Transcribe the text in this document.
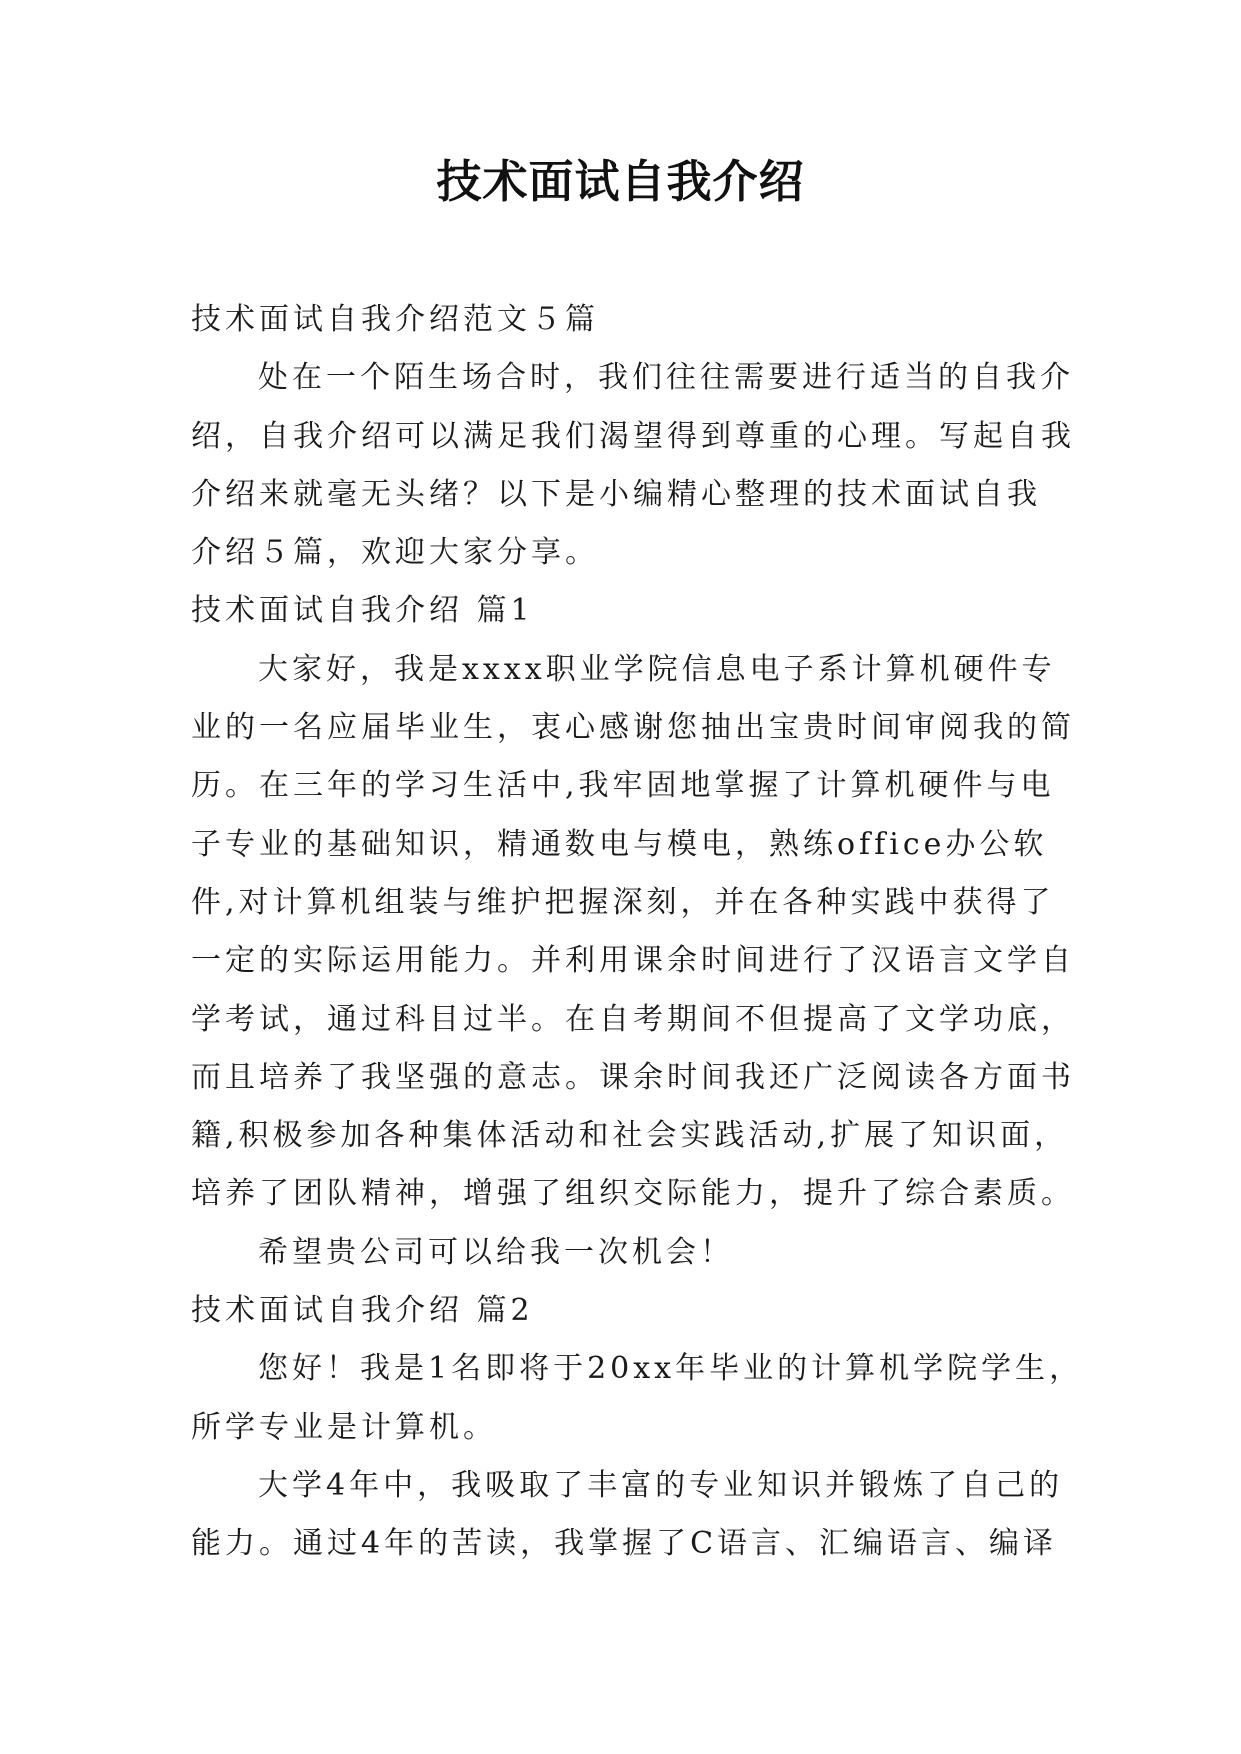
技术面试自我介绍
技术面试自我介绍范文５篇
处在一个陌生场合时，我们往往需要进行适当的自我介
绍，自我介绍可以满足我们渴望得到尊重的心理。写起自我
介绍来就毫无头绪？以下是小编精心整理的技术面试自我
介绍５篇，欢迎大家分享。
技术面试自我介绍 篇1
大家好，我是xxxx职业学院信息电子系计算机硬件专
业的一名应届毕业生，衷心感谢您抽出宝贵时间审阅我的简
历。在三年的学习生活中,我牢固地掌握了计算机硬件与电
子专业的基础知识，精通数电与模电，熟练office办公软
件,对计算机组装与维护把握深刻，并在各种实践中获得了
一定的实际运用能力。并利用课余时间进行了汉语言文学自
学考试，通过科目过半。在自考期间不但提高了文学功底，
而且培养了我坚强的意志。课余时间我还广泛阅读各方面书
籍,积极参加各种集体活动和社会实践活动,扩展了知识面，
培养了团队精神，增强了组织交际能力，提升了综合素质。
希望贵公司可以给我一次机会！
技术面试自我介绍 篇2
您好！我是1名即将于20xx年毕业的计算机学院学生，
所学专业是计算机。
大学4年中，我吸取了丰富的专业知识并锻炼了自己的
能力。通过4年的苦读，我掌握了C语言、汇编语言、编译
